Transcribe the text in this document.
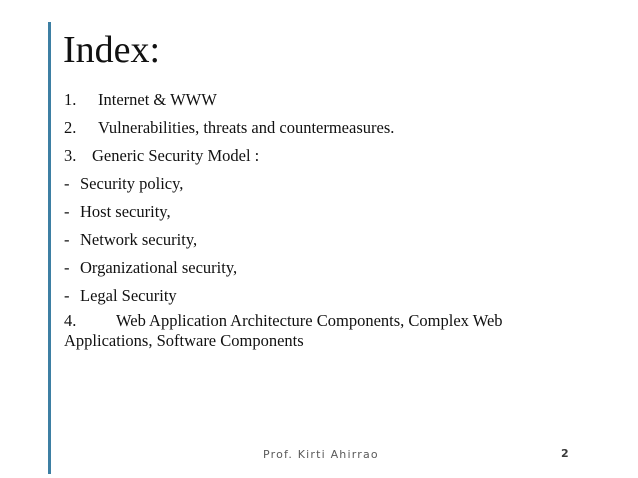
Index:
1. Internet & WWW
2. Vulnerabilities, threats and countermeasures.
3. Generic Security Model :
- Security policy,
- Host security,
- Network security,
- Organizational security,
- Legal Security
4. Web Application Architecture Components, Complex Web Applications, Software Components
Prof. Kirti Ahirrao	2
